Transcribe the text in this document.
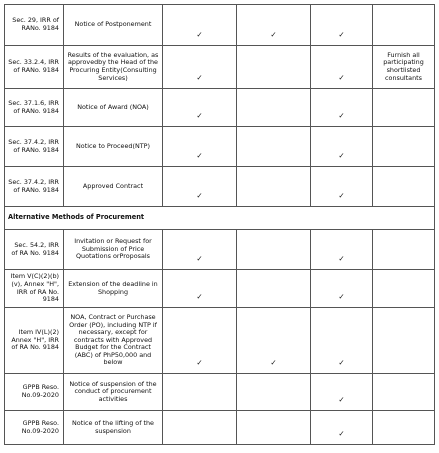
Sec. 29, IRR of RANo. 9184	Notice of Postponement	✓	✓	✓	
Sec. 33.2.4, IRR of RANo. 9184	Results of the evaluation, as approvedby the Head of the Procuring Entity(Consulting Services)	✓		✓	Furnish all participating shortlisted consultants
Sec. 37.1.6, IRR of RANo. 9184	Notice of Award (NOA)	✓		✓	
Sec. 37.4.2, IRR of RANo. 9184	Notice to Proceed(NTP)	✓		✓	
Sec. 37.4.2, IRR of RANo. 9184	Approved Contract	✓		✓	
Alternative Methods of Procurement					
Sec. 54.2, IRR of RA No. 9184	Invitation or Request for Submission of Price Quotations orProposals	✓		✓	
Item V(C)(2)(b)(v), Annex "H", IRR of RA No. 9184	Extension of the deadline in Shopping	✓		✓	
Item IV(L)(2) Annex "H", IRR of RA No. 9184	NOA, Contract or Purchase Order (PO), including NTP if necessary, except for contracts with Approved Budget for the Contract (ABC) of PhP50,000 and below	✓	✓	✓	
GPPB Reso. No.09-2020	Notice of suspension of the conduct of procurement activities			✓	
GPPB Reso. No.09-2020	Notice of the lifting of the suspension			✓	
